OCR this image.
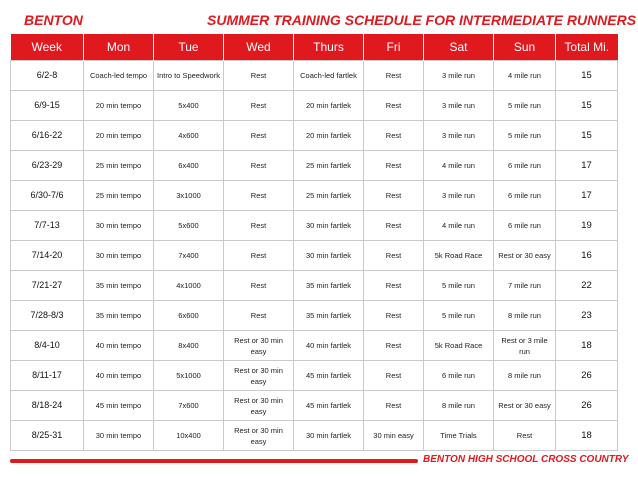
BENTON	SUMMER TRAINING SCHEDULE FOR INTERMEDIATE RUNNERS
Week	Mon	Tue	Wed	Thurs	Fri	Sat	Sun	Total Mi.
6/2-8	Coach-led tempo	Intro to Speedwork	Rest	Coach-led fartlek	Rest	3 mile run	4 mile run	15
6/9-15	20 min tempo	5x400	Rest	20 min fartlek	Rest	3 mile run	5 mile run	15
6/16-22	20 min tempo	4x600	Rest	20 min fartlek	Rest	3 mile run	5 mile run	15
6/23-29	25 min tempo	6x400	Rest	25 min fartlek	Rest	4 mile run	6 mile run	17
6/30-7/6	25 min tempo	3x1000	Rest	25 min fartlek	Rest	3 mile run	6 mile run	17
7/7-13	30 min tempo	5x600	Rest	30 min fartlek	Rest	4 mile run	6 mile run	19
7/14-20	30 min tempo	7x400	Rest	30 min fartlek	Rest	5k Road Race	Rest or 30 easy	16
7/21-27	35 min tempo	4x1000	Rest	35 min fartlek	Rest	5 mile run	7 mile run	22
7/28-8/3	35 min tempo	6x600	Rest	35 min fartlek	Rest	5 mile run	8 mile run	23
8/4-10	40 min tempo	8x400	Rest or 30 min easy	40 min fartlek	Rest	5k Road Race	Rest or 3 mile run	18
8/11-17	40 min tempo	5x1000	Rest or 30 min easy	45 min fartlek	Rest	6 mile run	8 mile run	26
8/18-24	45 min tempo	7x600	Rest or 30 min easy	45 min fartlek	Rest	8 mile run	Rest or 30 easy	26
8/25-31	30 min tempo	10x400	Rest or 30 min easy	30 min fartlek	30 min easy	Time Trials	Rest	18
BENTON HIGH SCHOOL CROSS COUNTRY
